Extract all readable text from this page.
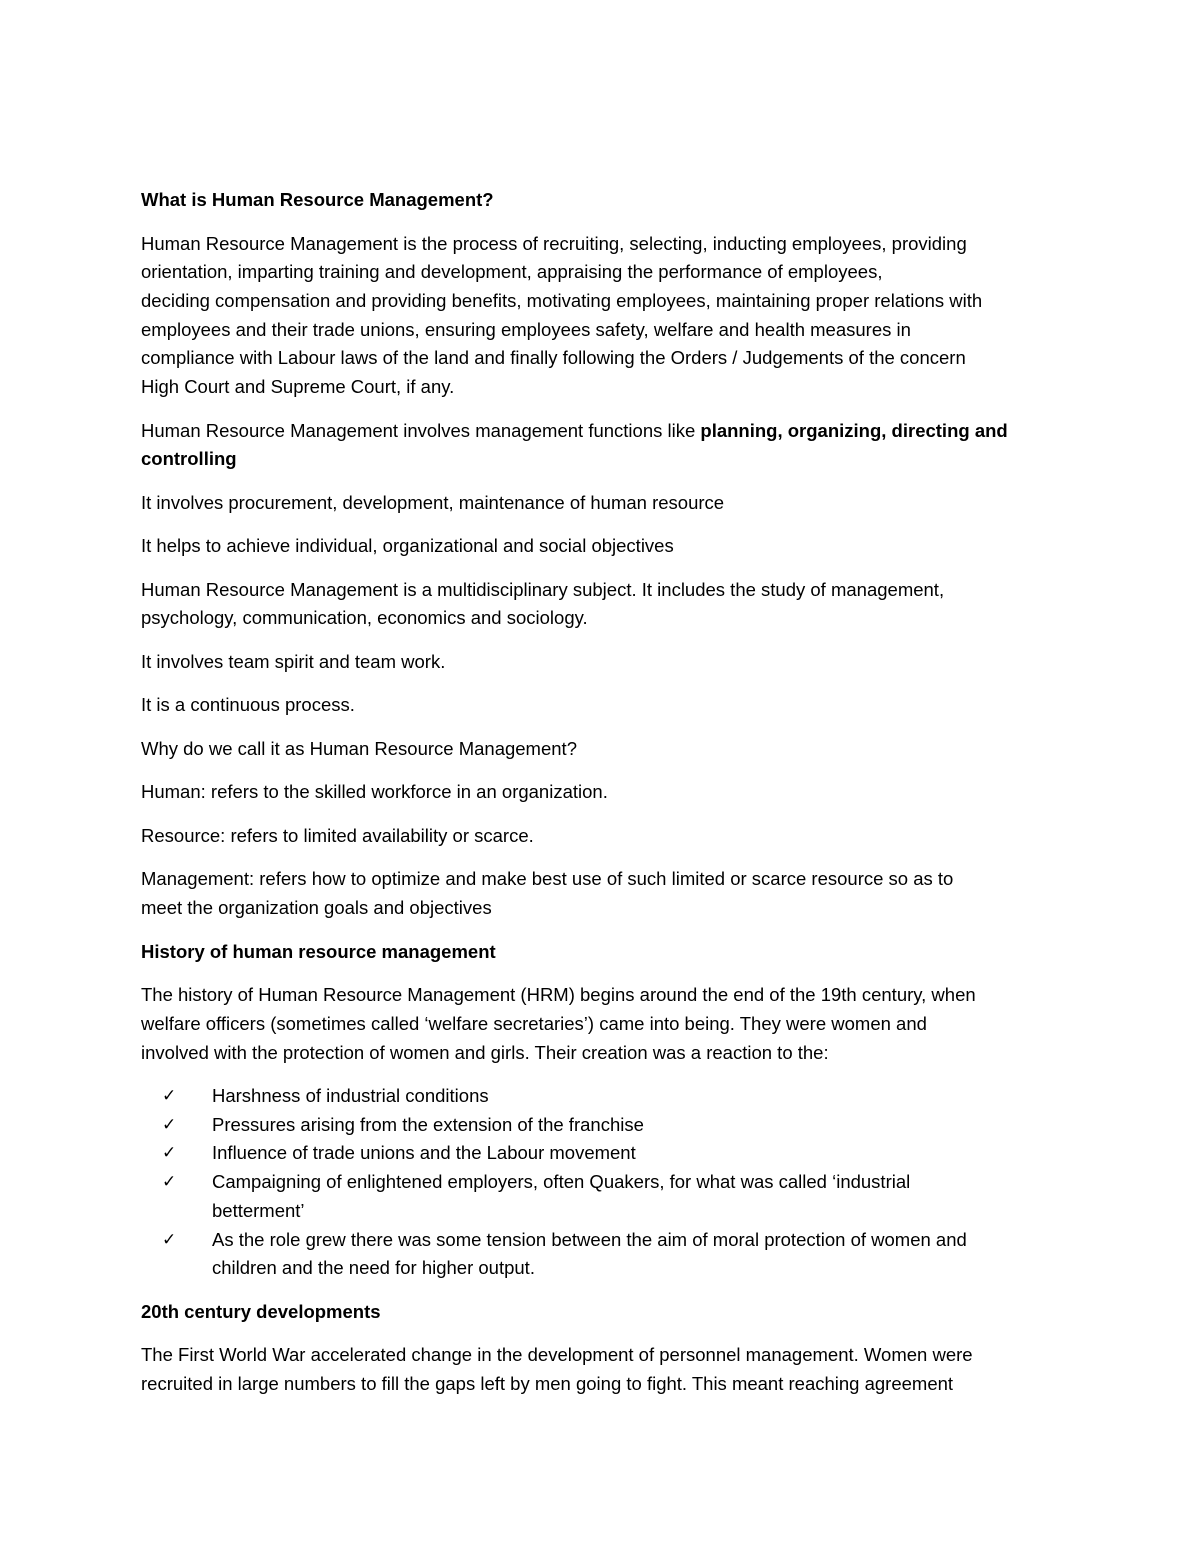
What is Human Resource Management?

Human Resource Management is the process of recruiting, selecting, inducting employees, providing
orientation, imparting training and development, appraising the performance of employees,
deciding compensation and providing benefits, motivating employees, maintaining proper relations with
employees and their trade unions, ensuring employees safety, welfare and health measures in
compliance with Labour laws of the land and finally following the Orders / Judgements of the concern
High Court and Supreme Court, if any.

Human Resource Management involves management functions like planning, organizing, directing and
controlling

It involves procurement, development, maintenance of human resource

It helps to achieve individual, organizational and social objectives

Human Resource Management is a multidisciplinary subject. It includes the study of management,
psychology, communication, economics and sociology.

It involves team spirit and team work.

It is a continuous process.

Why do we call it as Human Resource Management?

Human: refers to the skilled workforce in an organization.

Resource: refers to limited availability or scarce.

Management: refers how to optimize and make best use of such limited or scarce resource so as to
meet the organization goals and objectives

History of human resource management

The history of Human Resource Management (HRM) begins around the end of the 19th century, when
welfare officers (sometimes called ‘welfare secretaries’) came into being. They were women and
involved with the protection of women and girls. Their creation was a reaction to the:

✓ Harshness of industrial conditions
✓ Pressures arising from the extension of the franchise
✓ Influence of trade unions and the Labour movement
✓ Campaigning of enlightened employers, often Quakers, for what was called ‘industrial
betterment’
✓ As the role grew there was some tension between the aim of moral protection of women and
children and the need for higher output.

20th century developments

The First World War accelerated change in the development of personnel management. Women were
recruited in large numbers to fill the gaps left by men going to fight. This meant reaching agreement
